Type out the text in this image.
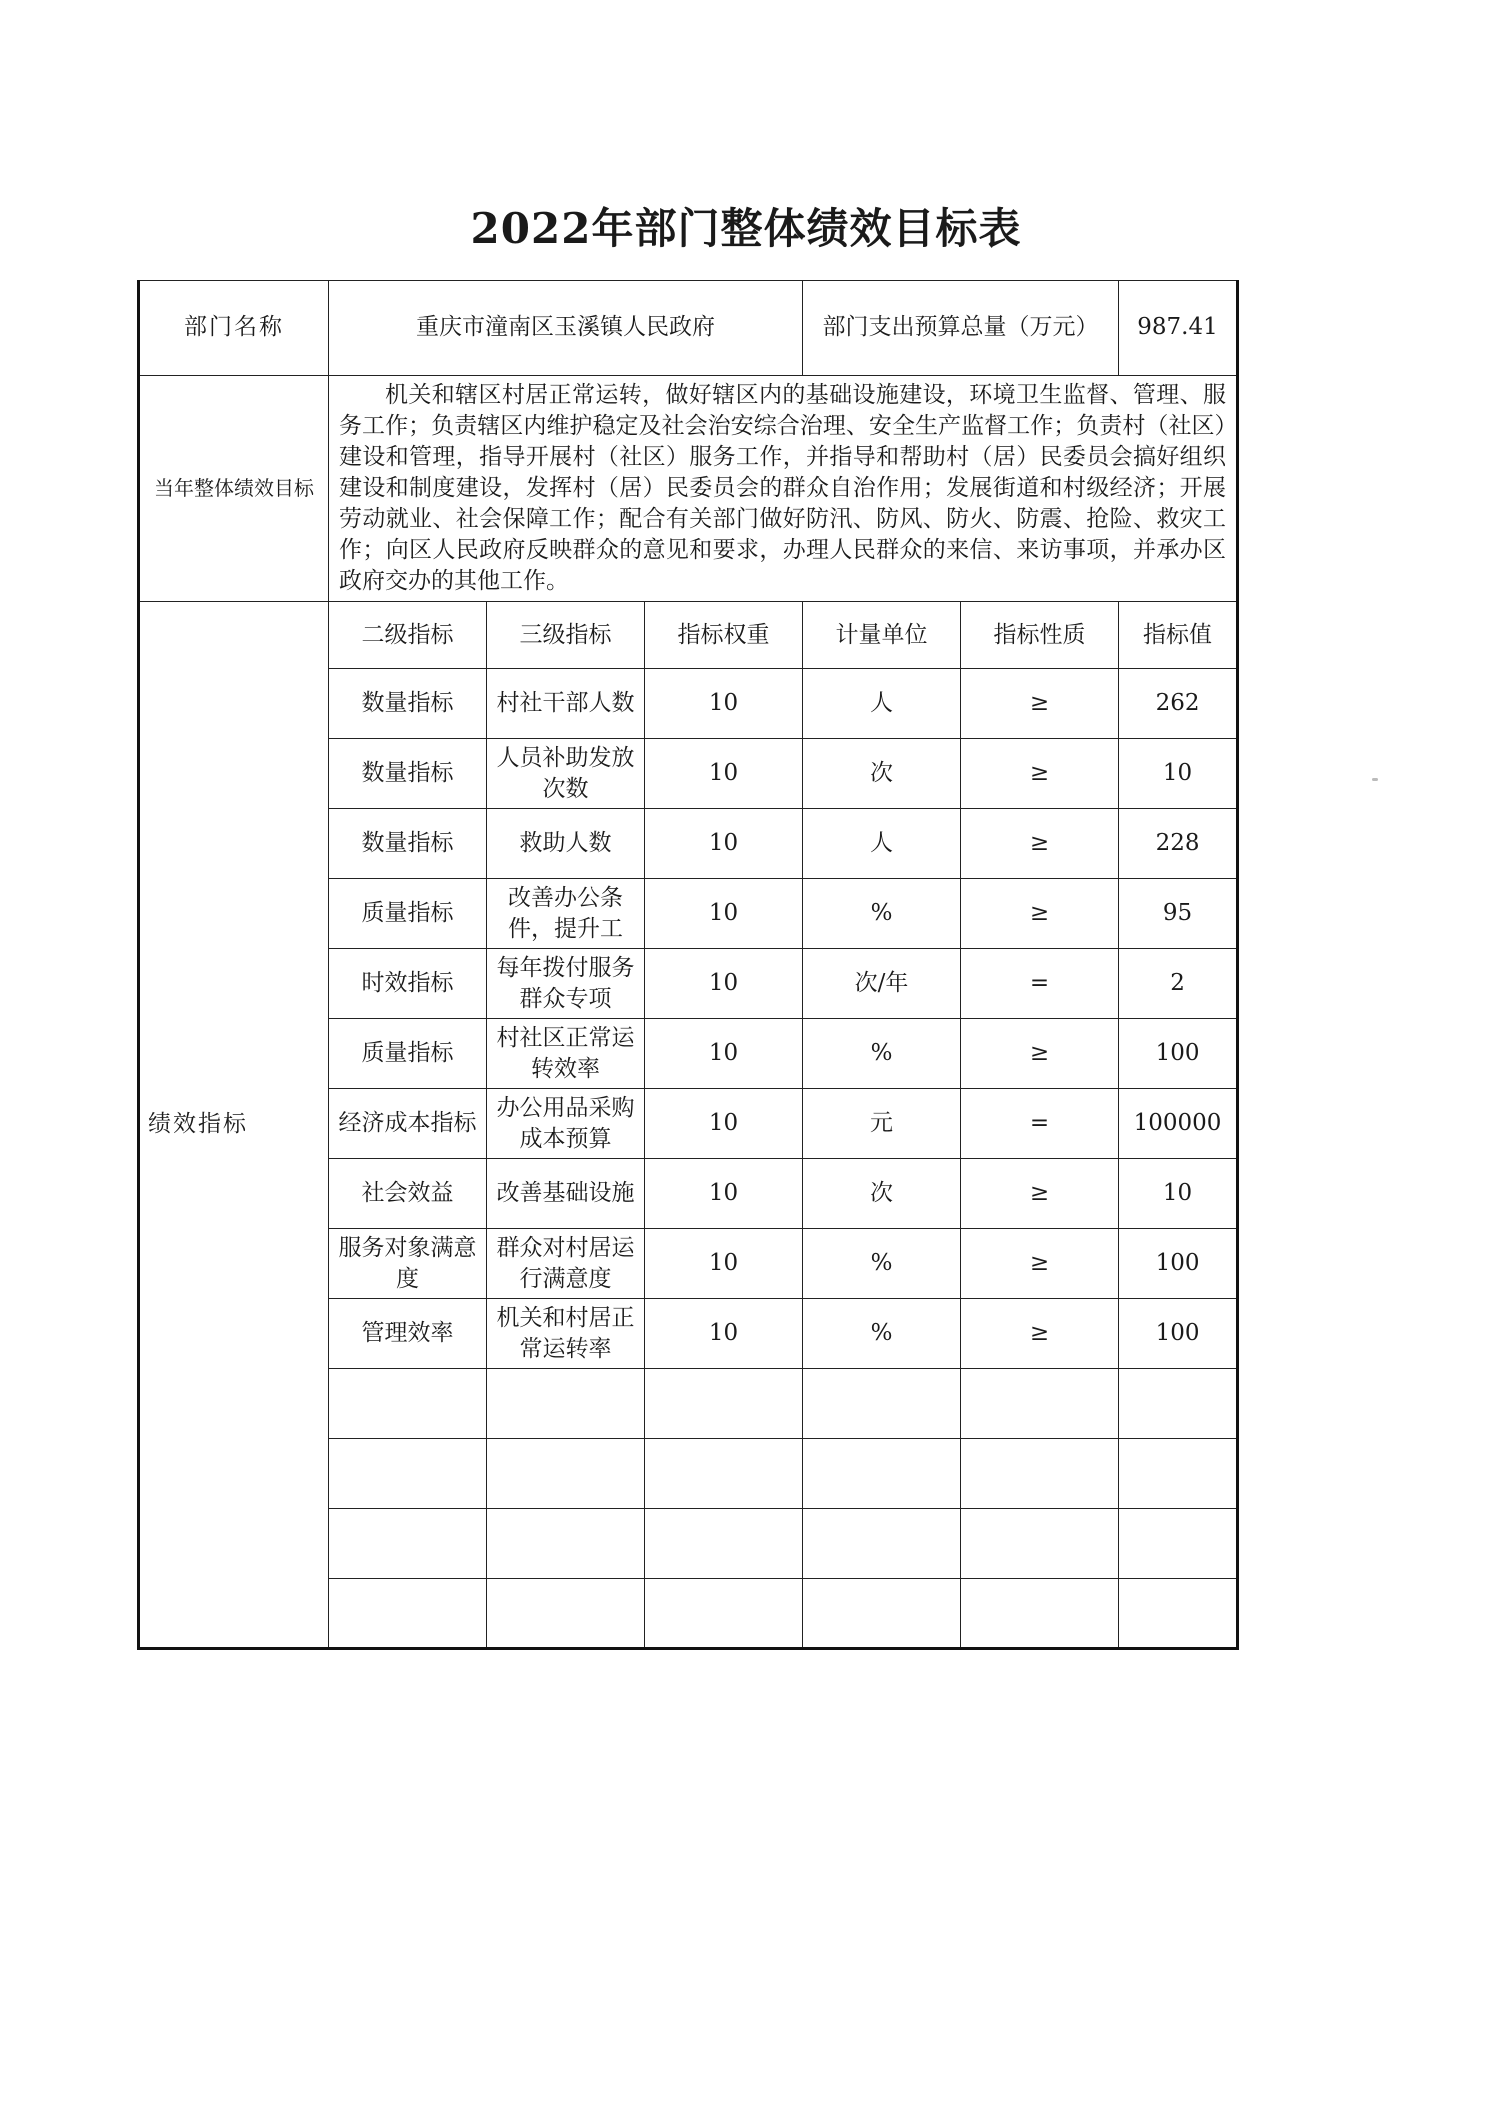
2022年部门整体绩效目标表
部门名称	重庆市潼南区玉溪镇人民政府			部门支出预算总量（万元）		987.41
当年整体绩效目标	机关和辖区村居正常运转，做好辖区内的基础设施建设，环境卫生监督、管理、服务工作；负责辖区内维护稳定及社会治安综合治理、安全生产监督工作；负责村（社区）建设和管理，指导开展村（社区）服务工作，并指导和帮助村（居）民委员会搞好组织建设和制度建设，发挥村（居）民委员会的群众自治作用；发展街道和村级经济；开展劳动就业、社会保障工作；配合有关部门做好防汛、防风、防火、防震、抢险、救灾工作；向区人民政府反映群众的意见和要求，办理人民群众的来信、来访事项，并承办区政府交办的其他工作。					
绩效指标	二级指标	三级指标	指标权重	计量单位	指标性质	指标值
	数量指标	村社干部人数	10	人	≥	262
	数量指标	人员补助发放次数	10	次	≥	10
	数量指标	救助人数	10	人	≥	228
	质量指标	改善办公条件，提升工	10	%	≥	95
	时效指标	每年拨付服务群众专项	10	次/年	=	2
	质量指标	村社区正常运转效率	10	%	≥	100
	经济成本指标	办公用品采购成本预算	10	元	=	100000
	社会效益	改善基础设施	10	次	≥	10
	服务对象满意度	群众对村居运行满意度	10	%	≥	100
	管理效率	机关和村居正常运转率	10	%	≥	100
